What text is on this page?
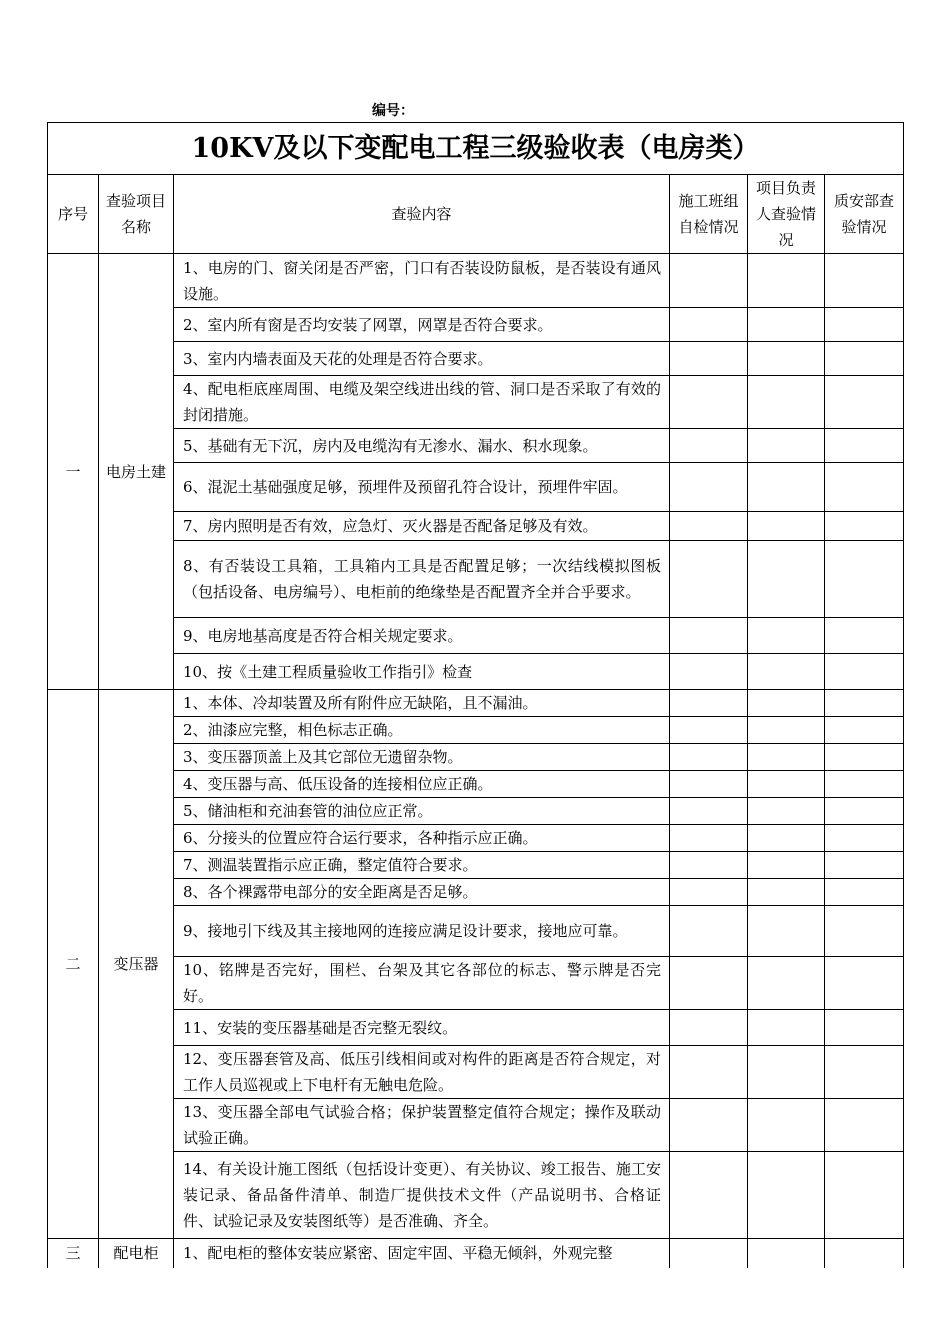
编号：
10KV及以下变配电工程三级验收表（电房类）					
序号	查验项目名称	查验内容	施工班组自检情况	项目负责人查验情况	质安部查验情况
一	电房土建	1、电房的门、窗关闭是否严密，门口有否装设防鼠板，是否装设有通风设施。			
		2、室内所有窗是否均安装了网罩，网罩是否符合要求。			
		3、室内内墙表面及天花的处理是否符合要求。			
		4、配电柜底座周围、电缆及架空线进出线的管、洞口是否采取了有效的封闭措施。			
		5、基础有无下沉，房内及电缆沟有无渗水、漏水、积水现象。			
		6、混泥土基础强度足够，预埋件及预留孔符合设计，预埋件牢固。			
		7、房内照明是否有效，应急灯、灭火器是否配备足够及有效。			
		8、有否装设工具箱，工具箱内工具是否配置足够；一次结线模拟图板（包括设备、电房编号）、电柜前的绝缘垫是否配置齐全并合乎要求。			
		9、电房地基高度是否符合相关规定要求。			
		10、按《土建工程质量验收工作指引》检查			
二	变压器	1、本体、冷却装置及所有附件应无缺陷，且不漏油。			
		2、油漆应完整，相色标志正确。			
		3、变压器顶盖上及其它部位无遗留杂物。			
		4、变压器与高、低压设备的连接相位应正确。			
		5、储油柜和充油套管的油位应正常。			
		6、分接头的位置应符合运行要求，各种指示应正确。			
		7、测温装置指示应正确，整定值符合要求。			
		8、各个裸露带电部分的安全距离是否足够。			
		9、接地引下线及其主接地网的连接应满足设计要求，接地应可靠。			
		10、铭牌是否完好，围栏、台架及其它各部位的标志、警示牌是否完好。			
		11、安装的变压器基础是否完整无裂纹。			
		12、变压器套管及高、低压引线相间或对构件的距离是否符合规定，对工作人员巡视或上下电杆有无触电危险。			
		13、变压器全部电气试验合格；保护装置整定值符合规定；操作及联动试验正确。			
		14、有关设计施工图纸（包括设计变更）、有关协议、竣工报告、施工安装记录、备品备件清单、制造厂提供技术文件（产品说明书、合格证件、试验记录及安装图纸等）是否准确、齐全。			
三	配电柜	1、配电柜的整体安装应紧密、固定牢固、平稳无倾斜，外观完整			
